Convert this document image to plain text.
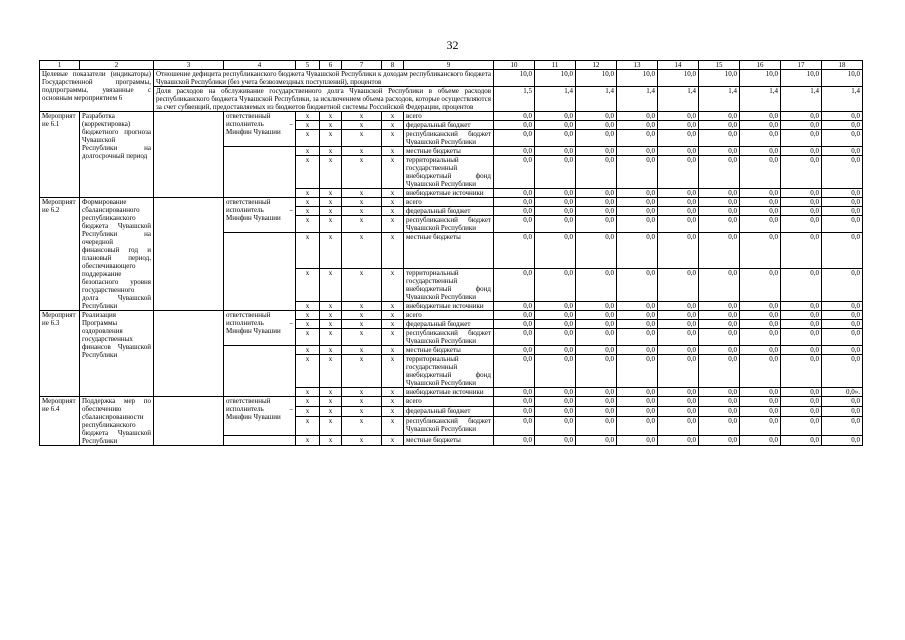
32
1	2	3	4	5	6	7	8	9	10	11	12	13	14	15	16	17	18
Целевые показатели (индикаторы) Государственной программы, подпрограммы, увязанные с основным мероприятием 6		Отношение дефицита республиканского бюджета Чувашской Республики к доходам республиканского бюджета Чувашской Республики (без учета безвозмездных поступлений), процентов							10,0	10,0	10,0	10,0	10,0	10,0	10,0	10,0	10,0
		Доля расходов на обслуживание государственного долга Чувашской Республики в объеме расходов республиканского бюджета Чувашской Республики, за исключением объема расходов, которые осуществляются за счет субвенций, предоставляемых из бюджетов бюджетной системы Российской Федерации, процентов							1,5	1,4	1,4	1,4	1,4	1,4	1,4	1,4	1,4
Мероприятие 6.1	Разработка (корректировка) бюджетного прогноза Чувашской Республики на долгосрочный период		ответственный исполнитель – Минфин Чувашии	x	x	x	x	всего	0,0	0,0	0,0	0,0	0,0	0,0	0,0	0,0	0,0
				x	x	x	x	федеральный бюджет	0,0	0,0	0,0	0,0	0,0	0,0	0,0	0,0	0,0
				x	x	x	x	республиканский бюджет Чувашской Республики	0,0	0,0	0,0	0,0	0,0	0,0	0,0	0,0	0,0
				x	x	x	x	местные бюджеты	0,0	0,0	0,0	0,0	0,0	0,0	0,0	0,0	0,0
				x	x	x	x	территориальный государственный внебюджетный фонд Чувашской Республики	0,0	0,0	0,0	0,0	0,0	0,0	0,0	0,0	0,0
				x	x	x	x	внебюджетные источники	0,0	0,0	0,0	0,0	0,0	0,0	0,0	0,0	0,0
Мероприятие 6.2	Формирование сбалансированного республиканского бюджета Чувашской Республики на очередной финансовый год и плановый период, обеспечивающего поддержание безопасного уровня государственного долга Чувашской Республики		ответственный исполнитель – Минфин Чувашии	x	x	x	x	всего	0,0	0,0	0,0	0,0	0,0	0,0	0,0	0,0	0,0
				x	x	x	x	федеральный бюджет	0,0	0,0	0,0	0,0	0,0	0,0	0,0	0,0	0,0
				x	x	x	x	республиканский бюджет Чувашской Республики	0,0	0,0	0,0	0,0	0,0	0,0	0,0	0,0	0,0
				x	x	x	x	местные бюджеты	0,0	0,0	0,0	0,0	0,0	0,0	0,0	0,0	0,0
				x	x	x	x	территориальный государственный внебюджетный фонд Чувашской Республики	0,0	0,0	0,0	0,0	0,0	0,0	0,0	0,0	0,0
				x	x	x	x	внебюджетные источники	0,0	0,0	0,0	0,0	0,0	0,0	0,0	0,0	0,0
Мероприятие 6.3	Реализация Программы оздоровления государственных финансов Чувашской Республики		ответственный исполнитель – Минфин Чувашии	x	x	x	x	всего	0,0	0,0	0,0	0,0	0,0	0,0	0,0	0,0	0,0
				x	x	x	x	федеральный бюджет	0,0	0,0	0,0	0,0	0,0	0,0	0,0	0,0	0,0
				x	x	x	x	республиканский бюджет Чувашской Республики	0,0	0,0	0,0	0,0	0,0	0,0	0,0	0,0	0,0
				x	x	x	x	местные бюджеты	0,0	0,0	0,0	0,0	0,0	0,0	0,0	0,0	0,0
				x	x	x	x	территориальный государственный внебюджетный фонд Чувашской Республики	0,0	0,0	0,0	0,0	0,0	0,0	0,0	0,0	0,0
				x	x	x	x	внебюджетные источники	0,0	0,0	0,0	0,0	0,0	0,0	0,0	0,0	0,0».
Мероприятие 6.4	Поддержка мер по обеспечению сбалансированности республиканского бюджета Чувашской Республики		ответственный исполнитель – Минфин Чувашии	x	x	x	x	всего	0,0	0,0	0,0	0,0	0,0	0,0	0,0	0,0	0,0
				x	x	x	x	федеральный бюджет	0,0	0,0	0,0	0,0	0,0	0,0	0,0	0,0	0,0
				x	x	x	x	республиканский бюджет Чувашской Республики	0,0	0,0	0,0	0,0	0,0	0,0	0,0	0,0	0,0
				x	x	x	x	местные бюджеты	0,0	0,0	0,0	0,0	0,0	0,0	0,0	0,0	0,0
